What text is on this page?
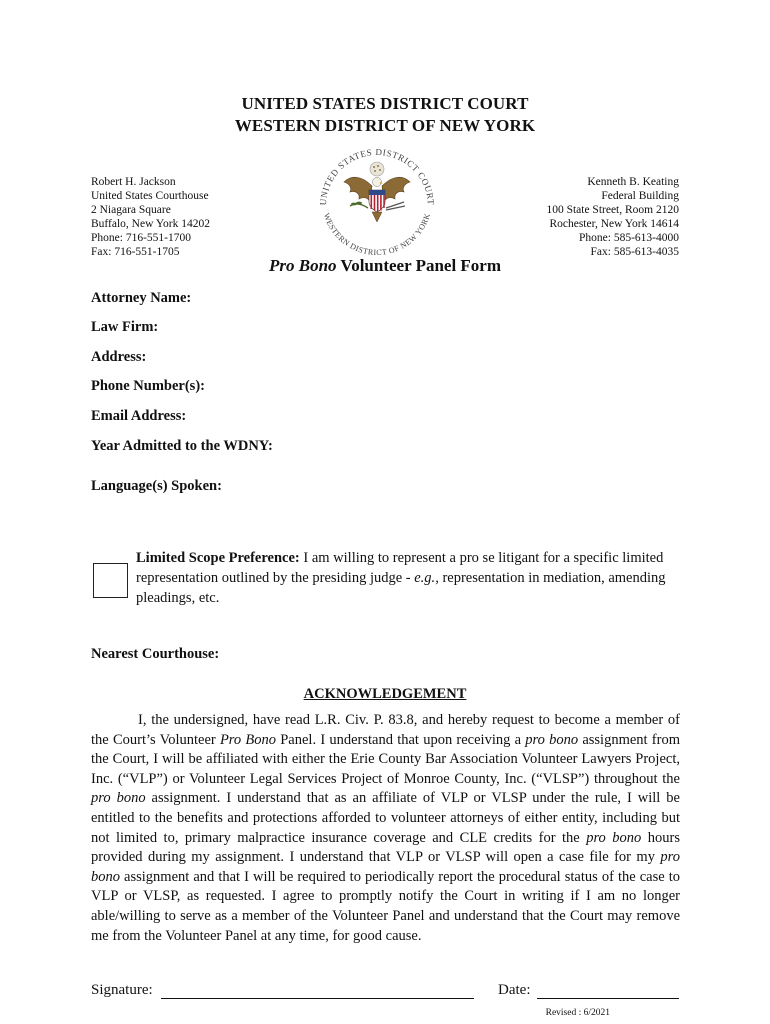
UNITED STATES DISTRICT COURT
WESTERN DISTRICT OF NEW YORK
Robert H. Jackson
United States Courthouse
2 Niagara Square
Buffalo, New York 14202
Phone: 716-551-1700
Fax: 716-551-1705
Kenneth B. Keating
Federal Building
100 State Street, Room 2120
Rochester, New York 14614
Phone: 585-613-4000
Fax: 585-613-4035
UNITED STATES DISTRICT COURT
WESTERN DISTRICT OF NEW YORK
Pro Bono Volunteer Panel Form
Attorney Name:
Law Firm:
Address:
Phone Number(s):
Email Address:
Year Admitted to the WDNY:
Language(s) Spoken:
Limited Scope Preference: I am willing to represent a pro se litigant for a specific limited representation outlined by the presiding judge - e.g., representation in mediation, amending pleadings, etc.
Nearest Courthouse:
ACKNOWLEDGEMENT
I, the undersigned, have read L.R. Civ. P. 83.8, and hereby request to become a member of the Court’s Volunteer Pro Bono Panel. I understand that upon receiving a pro bono assignment from the Court, I will be affiliated with either the Erie County Bar Association Volunteer Lawyers Project, Inc. (“VLP”) or Volunteer Legal Services Project of Monroe County, Inc. (“VLSP”) throughout the pro bono assignment. I understand that as an affiliate of VLP or VLSP under the rule, I will be entitled to the benefits and protections afforded to volunteer attorneys of either entity, including but not limited to, primary malpractice insurance coverage and CLE credits for the pro bono hours provided during my assignment. I understand that VLP or VLSP will open a case file for my pro bono assignment and that I will be required to periodically report the procedural status of the case to VLP or VLSP, as requested. I agree to promptly notify the Court in writing if I am no longer able/willing to serve as a member of the Volunteer Panel and understand that the Court may remove me from the Volunteer Panel at any time, for good cause.
Signature:	Date:
Revised : 6/2021
